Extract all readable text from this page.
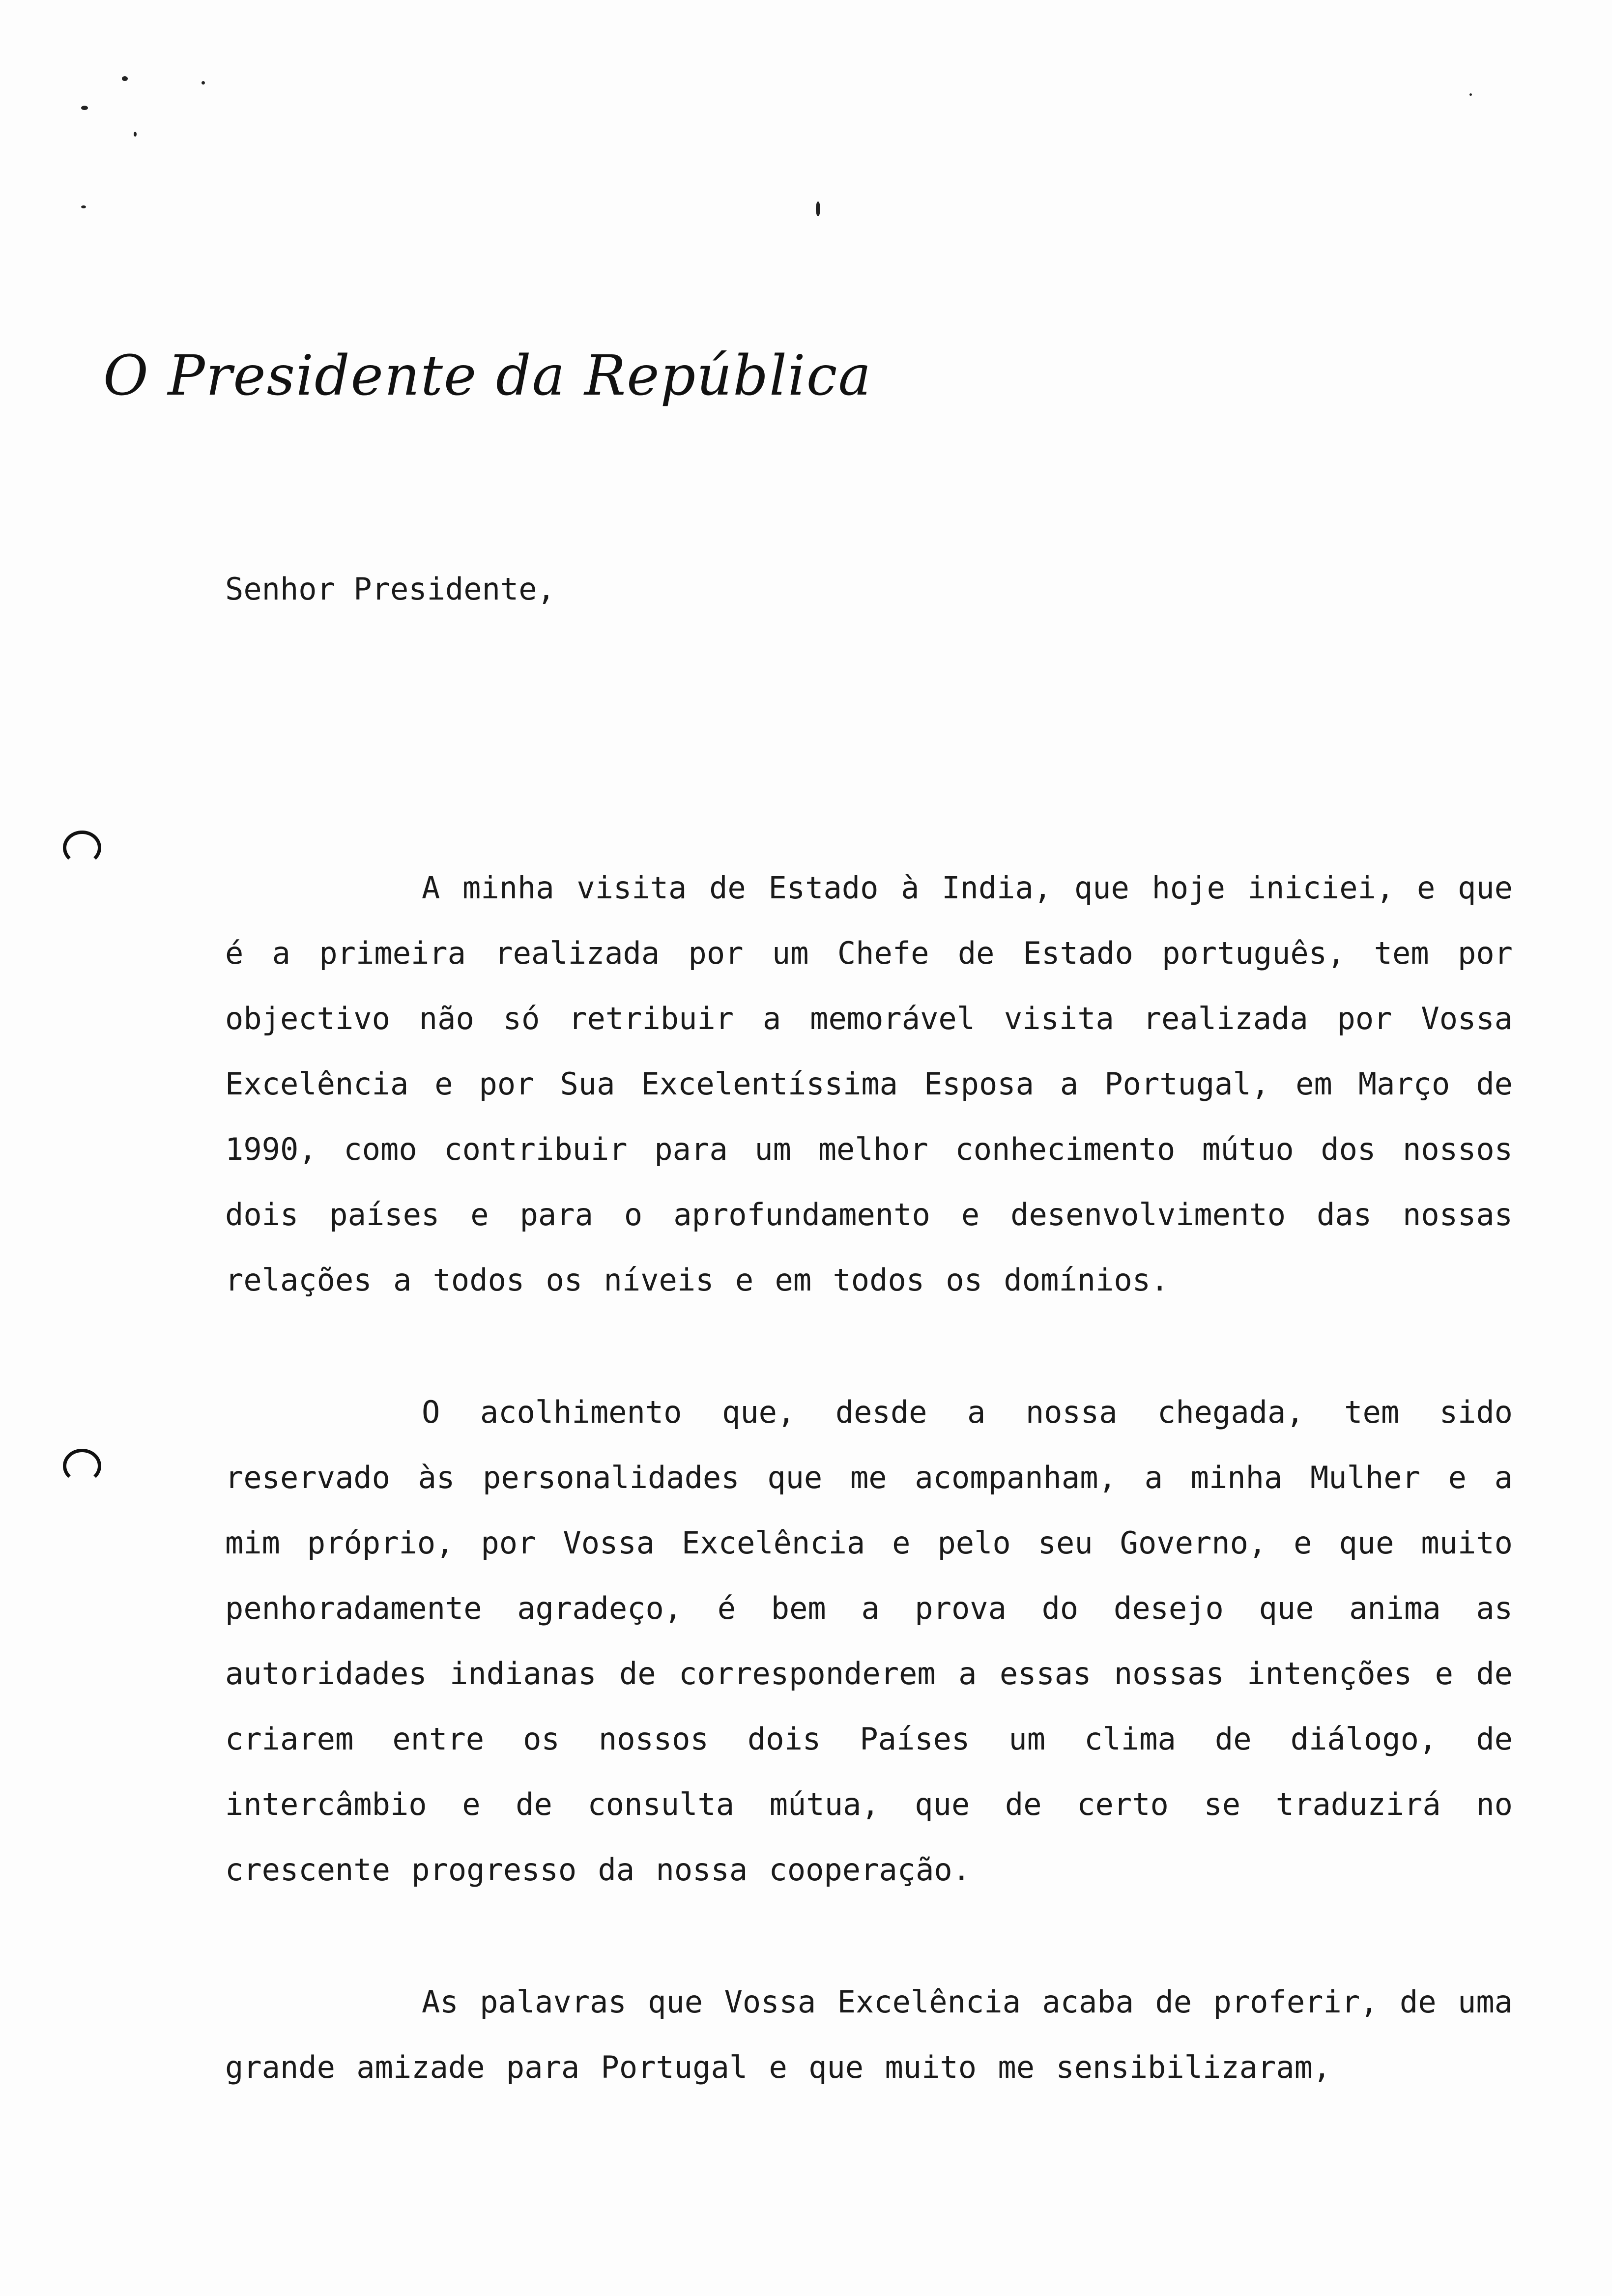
O Presidente da República
Senhor Presidente,

A minha visita de Estado à India, que hoje iniciei, e que é a primeira realizada por um Chefe de Estado português, tem por objectivo não só retribuir a memorável visita realizada por Vossa Excelência e por Sua Excelentíssima Esposa a Portugal, em Março de 1990, como contribuir para um melhor conhecimento mútuo dos nossos dois países e para o aprofundamento e desenvolvimento das nossas relações a todos os níveis e em todos os domínios.

O acolhimento que, desde a nossa chegada, tem sido reservado às personalidades que me acompanham, a minha Mulher e a mim próprio, por Vossa Excelência e pelo seu Governo, e que muito penhoradamente agradeço, é bem a prova do desejo que anima as autoridades indianas de corresponderem a essas nossas intenções e de criarem entre os nossos dois Países um clima de diálogo, de intercâmbio e de consulta mútua, que de certo se traduzirá no crescente progresso da nossa cooperação.

As palavras que Vossa Excelência acaba de proferir, de uma grande amizade para Portugal e que muito me sensibilizaram,
